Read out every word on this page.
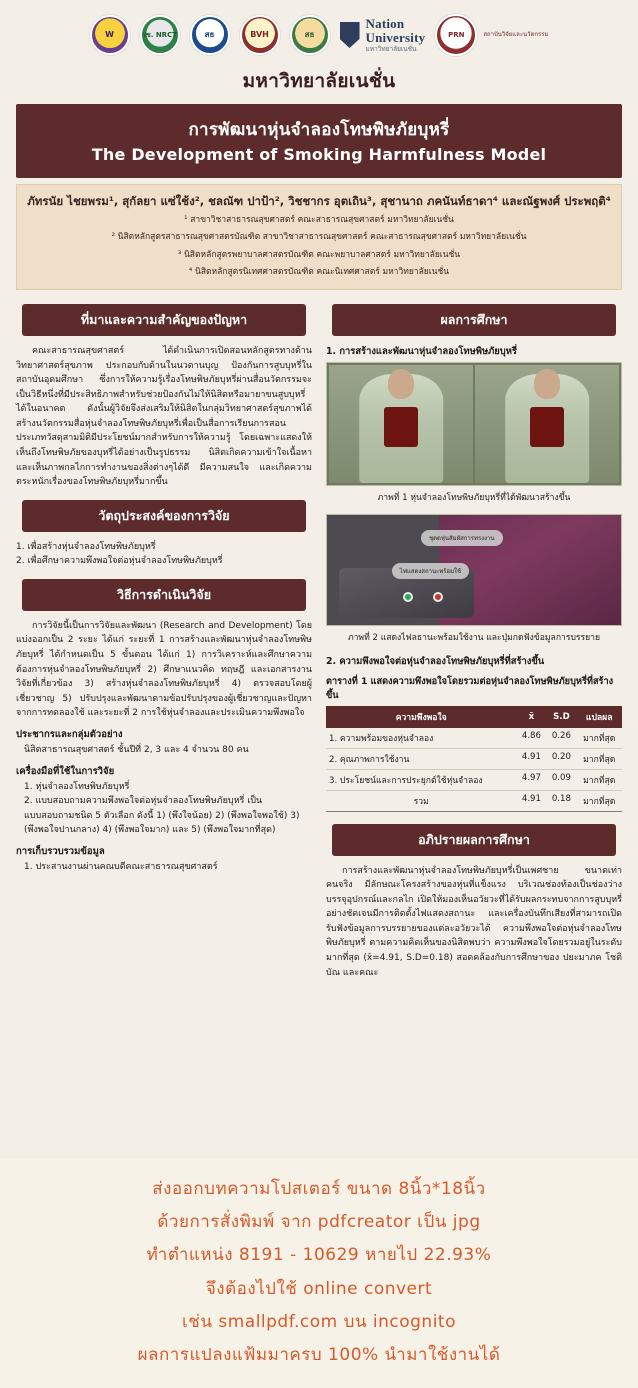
W	วช. NRCT	สธ	BVH	สธ
Nation
University
มหาวิทยาลัยเนชั่น
PRN	สถาบันวิจัยและนวัตกรรม
มหาวิทยาลัยเนชั่น
การพัฒนาหุ่นจำลองโทษพิษภัยบุหรี่
The Development of Smoking Harmfulness Model
ภัทรนัย ไชยพรม¹, สุกัลยา แซ่ใช้ง², ชลณัฑ ปาป้า², วิชชากร อุตเถิน³, สุชานาถ ภคนันท์ธาดา⁴ และณัฐพงศ์ ประพฤติ⁴
¹ สาขาวิชาสาธารณสุขศาสตร์ คณะสาธารณสุขศาสตร์ มหาวิทยาลัยเนชั่น
² นิสิตหลักสูตรสาธารณสุขศาสตรบัณฑิต สาขาวิชาสาธารณสุขศาสตร์ คณะสาธารณสุขศาสตร์ มหาวิทยาลัยเนชั่น
³ นิสิตหลักสูตรพยาบาลศาสตรบัณฑิต คณะพยาบาลศาสตร์ มหาวิทยาลัยเนชั่น
⁴ นิสิตหลักสูตรนิเทศศาสตรบัณฑิต คณะนิเทศศาสตร์ มหาวิทยาลัยเนชั่น
ที่มาและความสำคัญของปัญหา

คณะสาธารณสุขศาสตร์ ได้ดำเนินการเปิดสอนหลักสูตรทางด้านวิทยาศาสตร์สุขภาพ ประกอบกับด้านในนวดานบุญ ป้องกันการสูบบุหรี่ในสถาบันอุดมศึกษา ซึ่งการให้ความรู้เรื่องโทษพิษภัยบุหรี่ผ่านสื่อนวัตกรรมจะเป็นวิธีหนึ่งที่มีประสิทธิภาพสำหรับช่วยป้องกันไม่ให้นิสิตหรือมายาขนสูบบุหรี่ได้ในอนาคต ดังนั้นผู้วิจัยจึงส่งเสริมให้นิสิตในกลุ่มวิทยาศาสตร์สุขภาพได้สร้างนวัตกรรมสื่อหุ่นจำลองโทษพิษภัยบุหรี่เพื่อเป็นสื่อการเรียนการสอนประเภทวัสดุสามมิติมีประโยชน์มากสำหรับการให้ความรู้ โดยเฉพาะแสดงให้เห็นถึงโทษพิษภัยของบุหรี่ได้อย่างเป็นรูปธรรม นิสิตเกิดความเข้าใจเนื้อหาและเห็นภาพกลไกการทำงานของสิ่งต่างๆได้ดี มีความสนใจ และเกิดความตระหนักเรื่องของโทษพิษภัยบุหรี่มากขึ้น

วัตถุประสงค์ของการวิจัย
1. เพื่อสร้างหุ่นจำลองโทษพิษภัยบุหรี่
2. เพื่อศึกษาความพึงพอใจต่อหุ่นจำลองโทษพิษภัยบุหรี่
วิธีการดำเนินวิจัย

การวิจัยนี้เป็นการวิจัยและพัฒนา (Research and Development) โดยแบ่งออกเป็น 2 ระยะ ได้แก่ ระยะที่ 1 การสร้างและพัฒนาหุ่นจำลองโทษพิษภัยบุหรี่ ได้กำหนดเป็น 5 ขั้นตอน ได้แก่ 1) การวิเคราะห์และศึกษาความต้องการหุ่นจำลองโทษพิษภัยบุหรี่ 2) ศึกษาแนวคิด ทฤษฎี และเอกสารงานวิจัยที่เกี่ยวข้อง 3) สร้างหุ่นจำลองโทษพิษภัยบุหรี่ 4) ตรวจสอบโดยผู้เชี่ยวชาญ 5) ปรับปรุงและพัฒนาตามข้อปรับปรุงของผู้เชี่ยวชาญและปัญหาจากการทดลองใช้ และระยะที่ 2 การใช้หุ่นจำลองและประเมินความพึงพอใจ

ประชากรและกลุ่มตัวอย่าง
นิสิตสาธารณสุขศาสตร์ ชั้นปีที่ 2, 3 และ 4 จำนวน 80 คน
เครื่องมือที่ใช้ในการวิจัย
1. หุ่นจำลองโทษพิษภัยบุหรี่
2. แบบสอบถามความพึงพอใจต่อหุ่นจำลองโทษพิษภัยบุหรี่ เป็นแบบสอบถามชนิด 5 ตัวเลือก ดังนี้ 1) (พึงใจน้อย) 2) (พึงพอใจพอใช้) 3) (พึงพอใจปานกลาง) 4) (พึงพอใจมาก) และ 5) (พึงพอใจมากที่สุด)
การเก็บรวบรวมข้อมูล
1. ประสานงานผ่านคณบดีคณะสาธารณสุขศาสตร์
ผลการศึกษา
1. การสร้างและพัฒนาหุ่นจำลองโทษพิษภัยบุหรี่
ภาพที่ 1 หุ่นจำลองโทษพิษภัยบุหรี่ที่ได้พัฒนาสร้างขึ้น
ชุดดหุ่นสัมผัสการทรงงาน
ไฟแสดงสถานะพร้อมใช้
ภาพที่ 2 แสดงไฟลธานะพร้อมใช้งาน และปุ่มกดฟังข้อมูลการบรรยาย
2. ความพึงพอใจต่อหุ่นจำลองโทษพิษภัยบุหรี่ที่สร้างขึ้น
ตารางที่ 1 แสดงความพึงพอใจโดยรวมต่อหุ่นจำลองโทษพิษภัยบุหรี่ที่สร้างขึ้น
ความพึงพอใจ	x̄	S.D	แปลผล
1. ความพร้อมของหุ่นจำลอง	4.86	0.26	มากที่สุด
2. คุณภาพการใช้งาน	4.91	0.20	มากที่สุด
3. ประโยชน์และการประยุกต์ใช้หุ่นจำลอง	4.97	0.09	มากที่สุด
รวม	4.91	0.18	มากที่สุด
อภิปรายผลการศึกษา

การสร้างและพัฒนาหุ่นจำลองโทษพิษภัยบุหรี่เป็นเพศชาย ขนาดเท่าคนจริง มีลักษณะโครงสร้างของหุ่นที่แข็งแรง บริเวณช่องท้องเป็นช่องว่างบรรจุอุปกรณ์และกลไก เปิดให้มองเห็นอวัยวะที่ได้รับผลกระทบจากการสูบบุหรี่อย่างชัดเจนมีการติดตั้งไฟแสดงสถานะ และเครื่องบันทึกเสียงที่สามารถเปิดรับฟังข้อมูลการบรรยายของแต่ละอวัยวะได้ ความพึงพอใจต่อหุ่นจำลองโทษพิษภัยบุหรี่ ตามความคิดเห็นของนิสิตพบว่า ความพึงพอใจโดยรวมอยู่ในระดับมากที่สุด (x̄=4.91, S.D=0.18) สอดคล้องกับการศึกษาของ ปยะมาภค โชติบัณ และคณะ

ส่งออกบทความโปสเตอร์ ขนาด 8นิ้ว*18นิ้ว
ด้วยการสั่งพิมพ์ จาก pdfcreator เป็น jpg
ทำตำแหน่ง 8191 - 10629 หายไป 22.93%
จึงต้องไปใช้ online convert
เช่น smallpdf.com บน incognito
ผลการแปลงแฟ้มมาครบ 100% นำมาใช้งานได้
